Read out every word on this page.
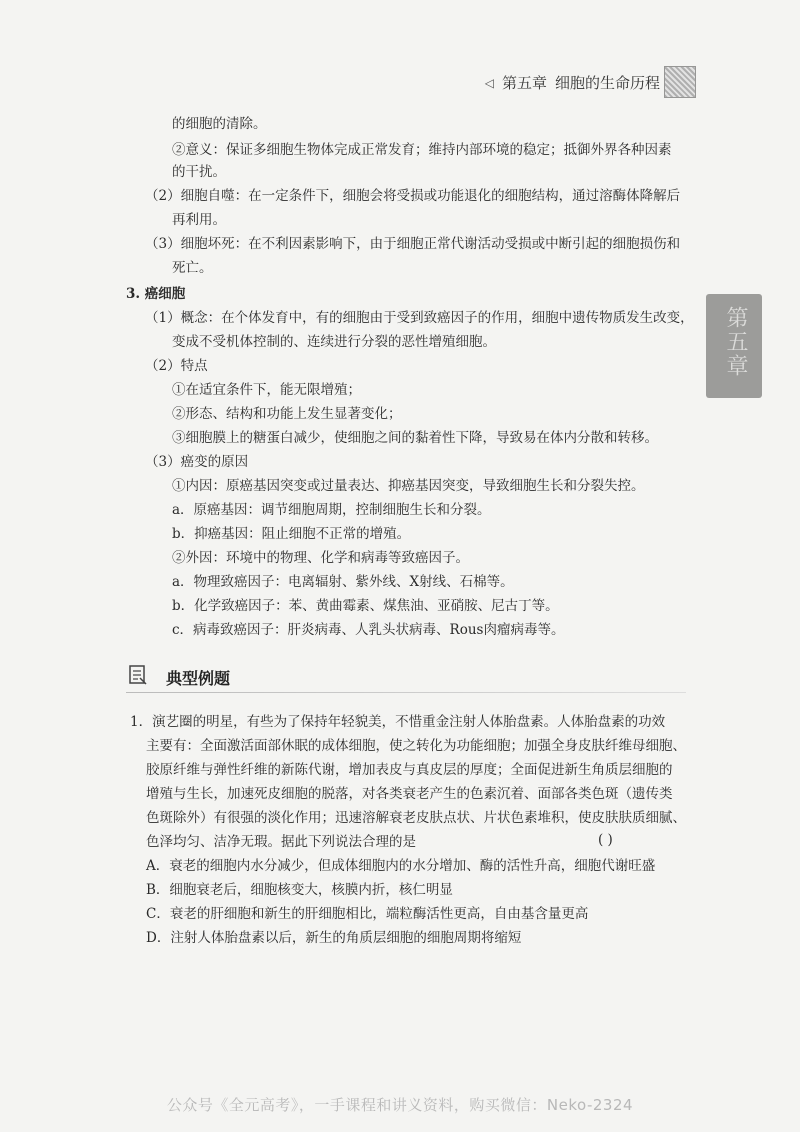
◁ 第五章 细胞的生命历程
第五章
的细胞的清除。
②意义：保证多细胞生物体完成正常发育；维持内部环境的稳定；抵御外界各种因素
的干扰。
（2）细胞自噬：在一定条件下，细胞会将受损或功能退化的细胞结构，通过溶酶体降解后
再利用。
（3）细胞坏死：在不利因素影响下，由于细胞正常代谢活动受损或中断引起的细胞损伤和
死亡。
3. 癌细胞
（1）概念：在个体发育中，有的细胞由于受到致癌因子的作用，细胞中遗传物质发生改变，
变成不受机体控制的、连续进行分裂的恶性增殖细胞。
（2）特点
①在适宜条件下，能无限增殖；
②形态、结构和功能上发生显著变化；
③细胞膜上的糖蛋白减少，使细胞之间的黏着性下降，导致易在体内分散和转移。
（3）癌变的原因
①内因：原癌基因突变或过量表达、抑癌基因突变，导致细胞生长和分裂失控。
a．原癌基因：调节细胞周期，控制细胞生长和分裂。
b．抑癌基因：阻止细胞不正常的增殖。
②外因：环境中的物理、化学和病毒等致癌因子。
a．物理致癌因子：电离辐射、紫外线、X射线、石棉等。
b．化学致癌因子：苯、黄曲霉素、煤焦油、亚硝胺、尼古丁等。
c．病毒致癌因子：肝炎病毒、人乳头状病毒、Rous肉瘤病毒等。
典型例题
1．演艺圈的明星，有些为了保持年轻貌美，不惜重金注射人体胎盘素。人体胎盘素的功效
主要有：全面激活面部休眠的成体细胞，使之转化为功能细胞；加强全身皮肤纤维母细胞、
胶原纤维与弹性纤维的新陈代谢，增加表皮与真皮层的厚度；全面促进新生角质层细胞的
增殖与生长，加速死皮细胞的脱落，对各类衰老产生的色素沉着、面部各类色斑（遗传类
色斑除外）有很强的淡化作用；迅速溶解衰老皮肤点状、片状色素堆积，使皮肤肤质细腻、
色泽均匀、洁净无瑕。据此下列说法合理的是	( )
A．衰老的细胞内水分减少，但成体细胞内的水分增加、酶的活性升高，细胞代谢旺盛
B．细胞衰老后，细胞核变大，核膜内折，核仁明显
C．衰老的肝细胞和新生的肝细胞相比，端粒酶活性更高，自由基含量更高
D．注射人体胎盘素以后，新生的角质层细胞的细胞周期将缩短
公众号《全元高考》，一手课程和讲义资料，购买微信：Neko-2324
